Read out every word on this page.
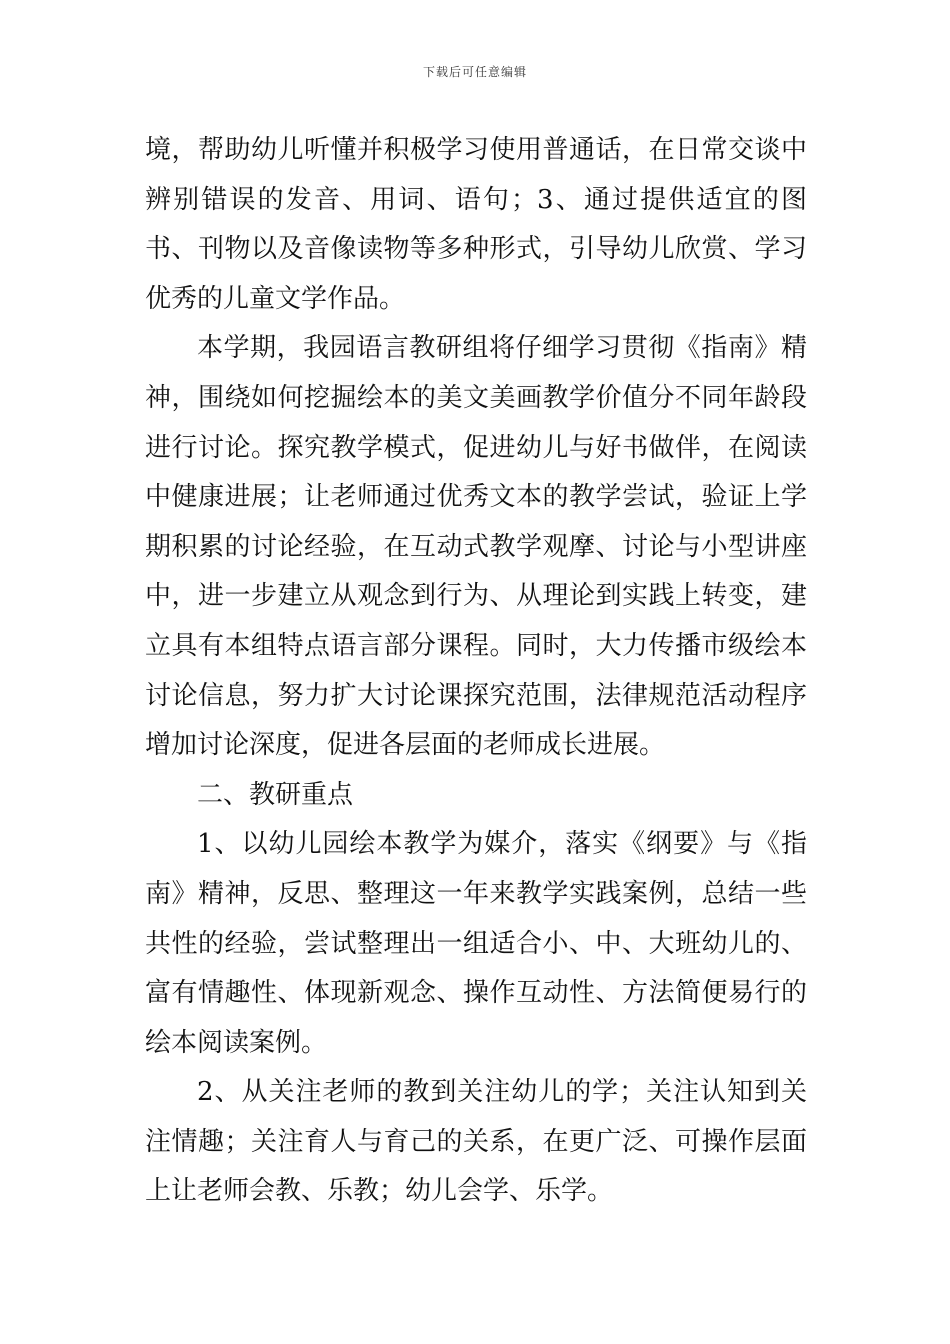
下载后可任意编辑

境，帮助幼儿听懂并积极学习使用普通话，在日常交谈中辨别错误的发音、用词、语句；3、通过提供适宜的图书、刊物以及音像读物等多种形式，引导幼儿欣赏、学习优秀的儿童文学作品。

本学期，我园语言教研组将仔细学习贯彻《指南》精神，围绕如何挖掘绘本的美文美画教学价值分不同年龄段进行讨论。探究教学模式，促进幼儿与好书做伴，在阅读中健康进展；让老师通过优秀文本的教学尝试，验证上学期积累的讨论经验，在互动式教学观摩、讨论与小型讲座中，进一步建立从观念到行为、从理论到实践上转变，建立具有本组特点语言部分课程。同时，大力传播市级绘本讨论信息，努力扩大讨论课探究范围，法律规范活动程序增加讨论深度，促进各层面的老师成长进展。

二、教研重点

1、以幼儿园绘本教学为媒介，落实《纲要》与《指南》精神，反思、整理这一年来教学实践案例，总结一些共性的经验，尝试整理出一组适合小、中、大班幼儿的、富有情趣性、体现新观念、操作互动性、方法简便易行的绘本阅读案例。

2、从关注老师的教到关注幼儿的学；关注认知到关注情趣；关注育人与育己的关系，在更广泛、可操作层面上让老师会教、乐教；幼儿会学、乐学。
